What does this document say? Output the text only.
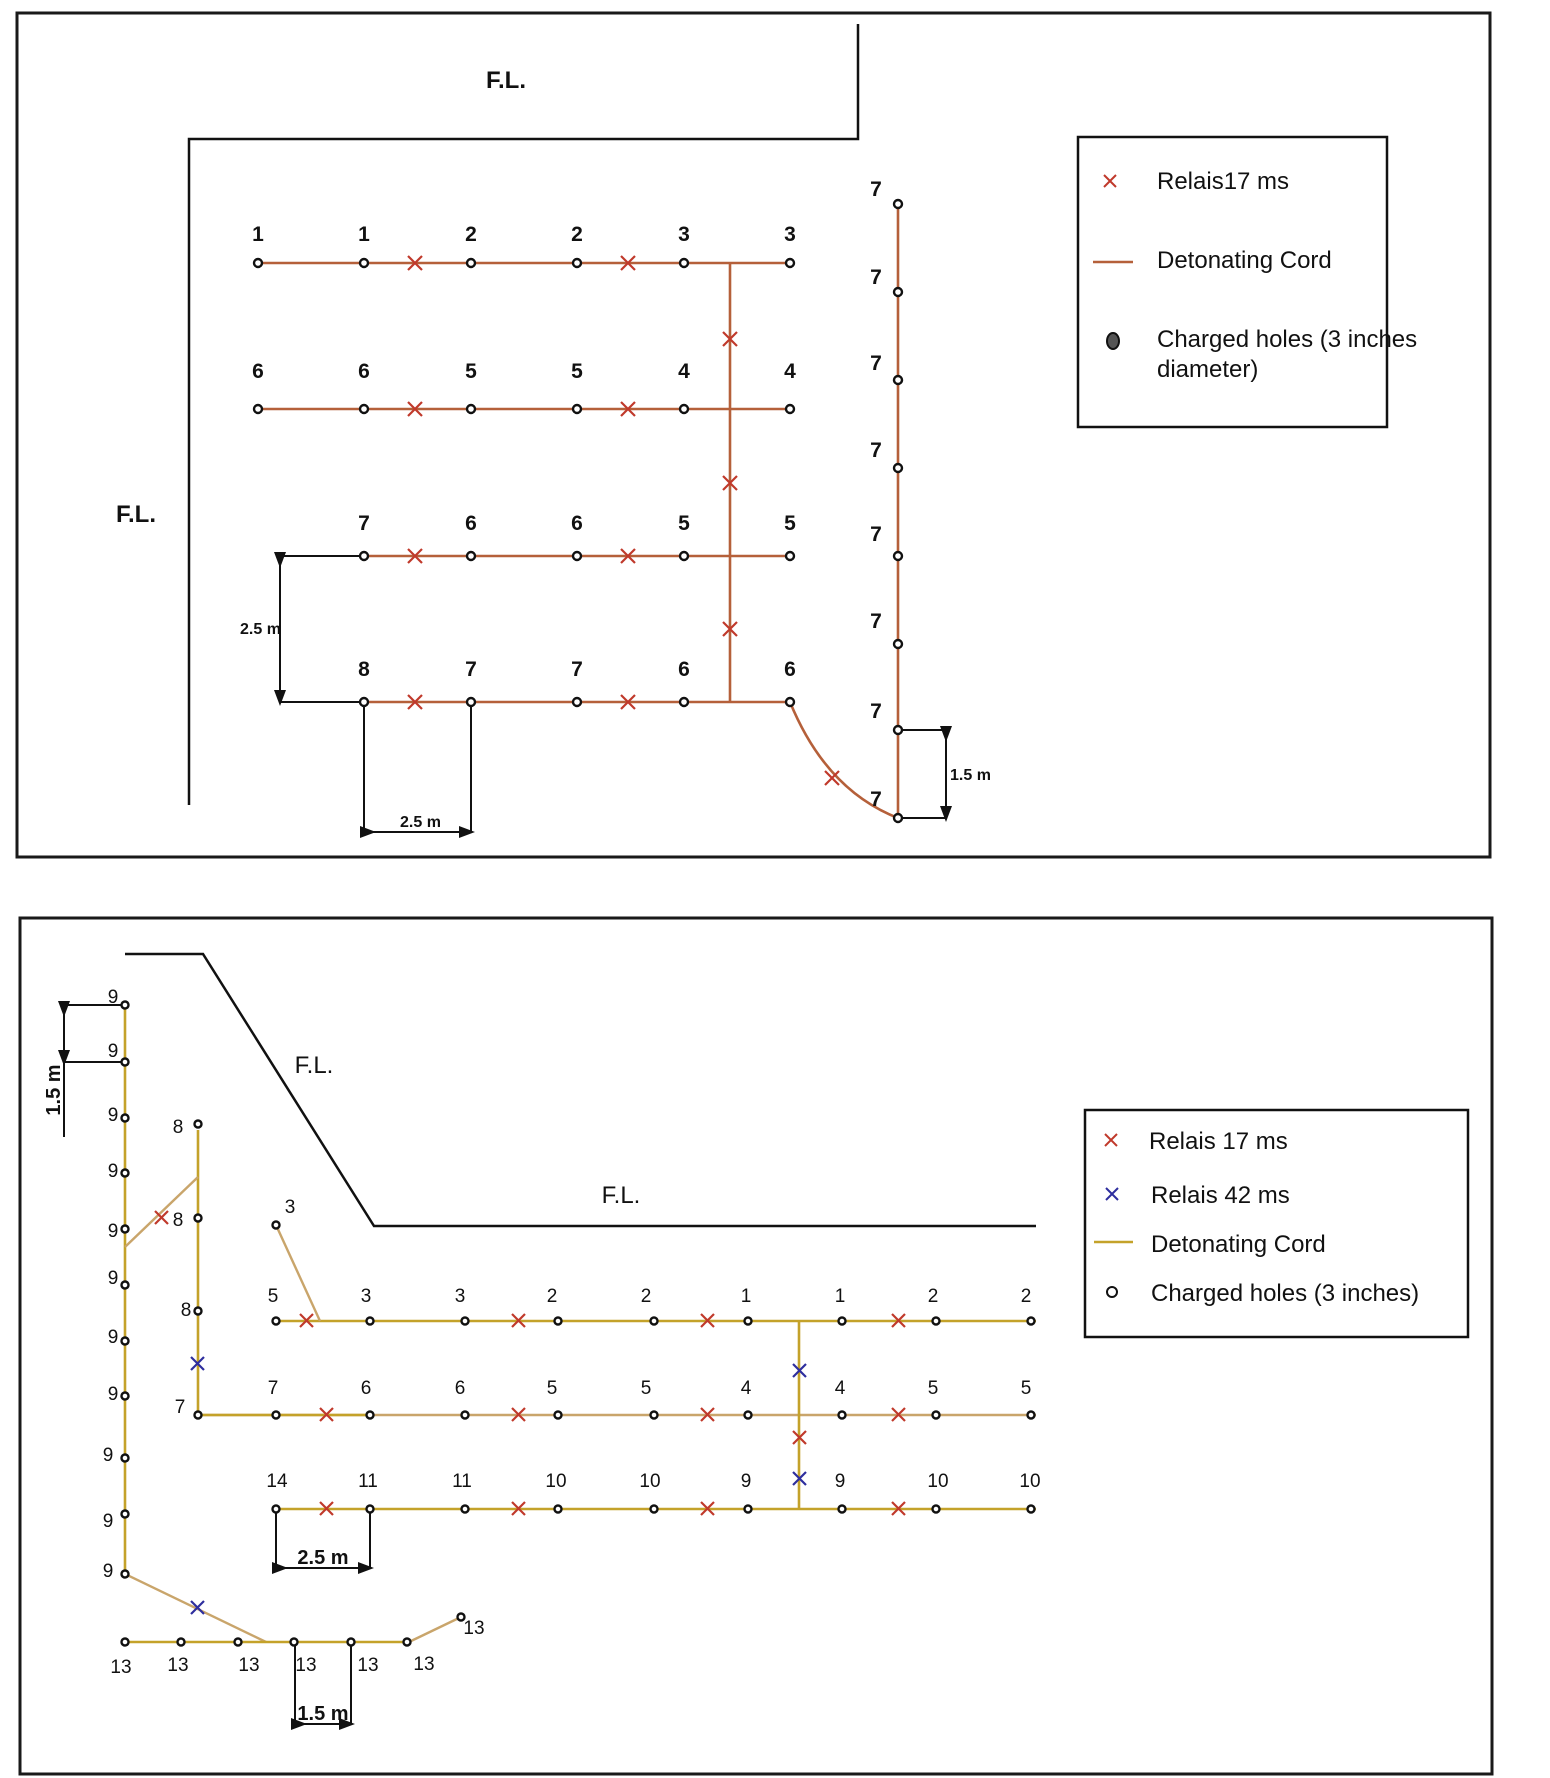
F.L.
F.L.
2.5 m
2.5 m
1.5 m
1	1	2	2	3	3
6	6	5	5	4	4
7	6	6	5	5
8	7	7	6	6
7
7
7
7
7
7
7
7
Relais17 ms
Detonating Cord
Charged holes (3 inches
diameter)
F.L.
F.L.
1.5 m
2.5 m
1.5 m
5	3	3	2	2	1	1	2	2
7	6	6	5	5	4	4	5	5
14	11	11	10	10	9	9	10	10
3
9
9
9
9
9
9
9
9
9
9
9
8
8
8
7
13 13	13 13 13 13
13
Relais 17 ms
Relais 42 ms
Detonating Cord
Charged holes (3 inches)
